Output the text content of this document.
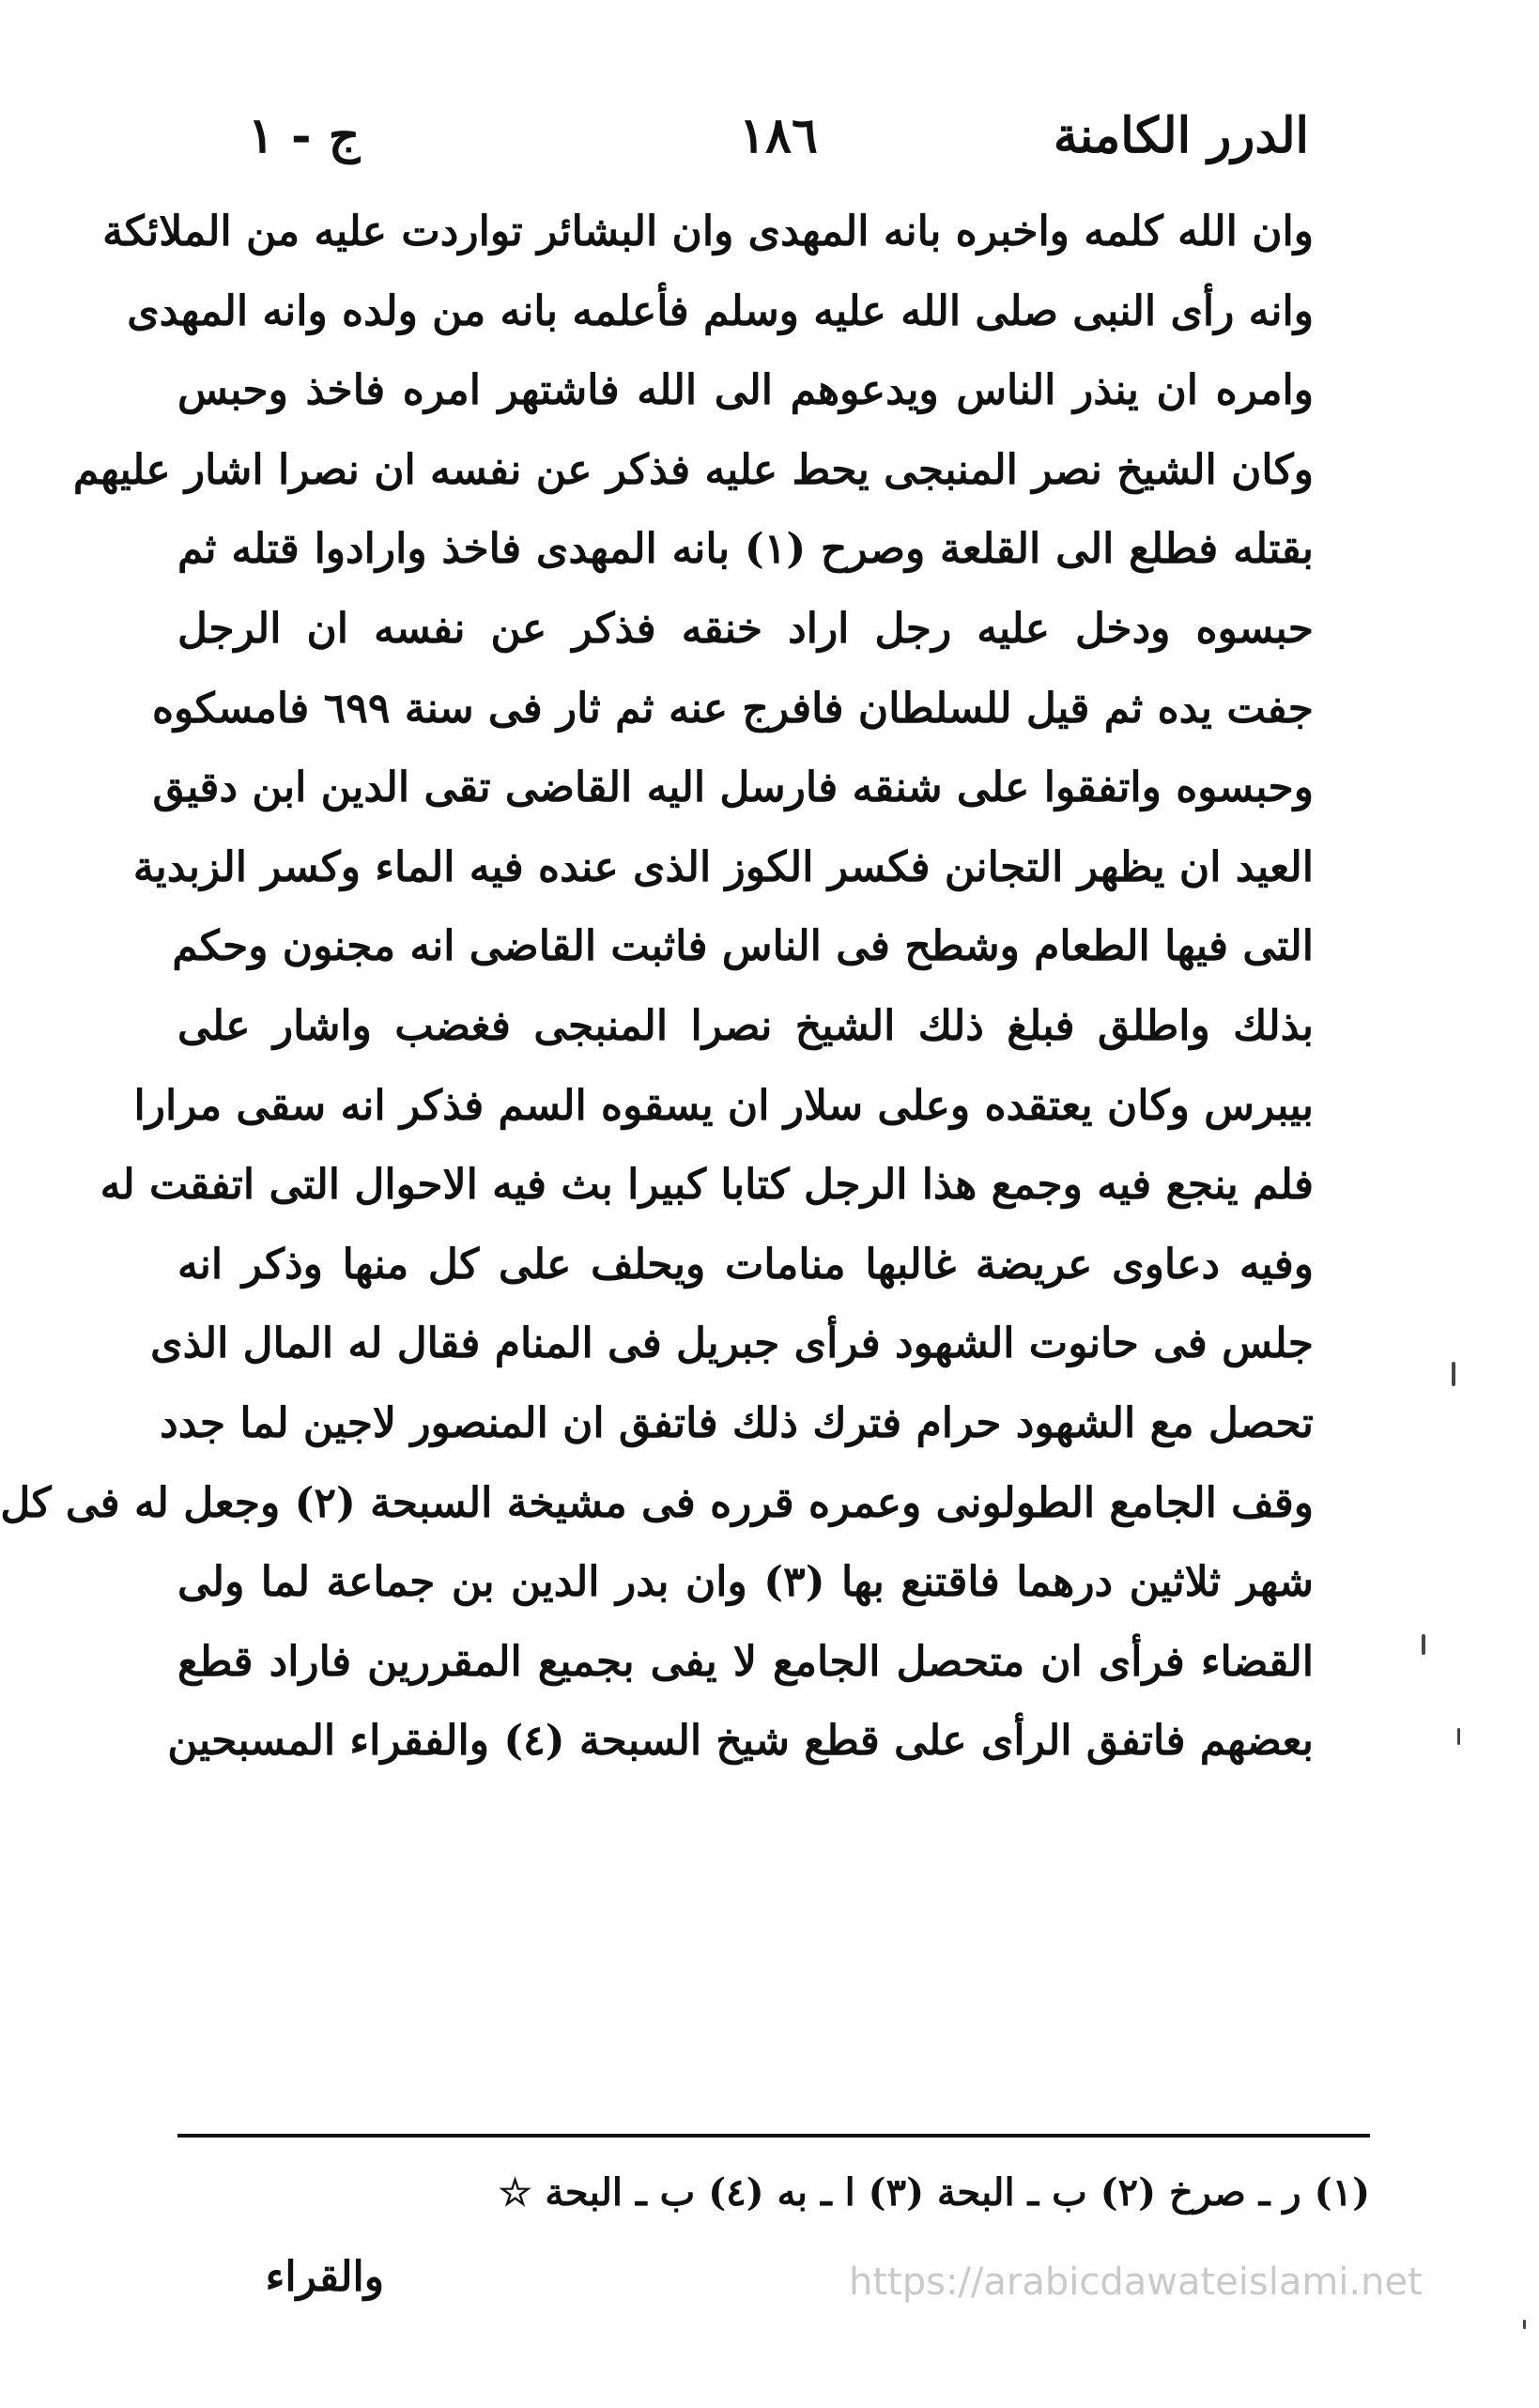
الدرر الكامنة
١٨٦
ج - ١
وان الله كلمه واخبره بانه المهدى وان البشائر تواردت عليه من الملائكة
وانه رأى النبى صلى الله عليه وسلم فأعلمه بانه من ولده وانه المهدى
وامره ان ينذر الناس ويدعوهم الى الله فاشتهر امره فاخذ وحبس
وكان الشيخ نصر المنبجى يحط عليه فذكر عن نفسه ان نصرا اشار عليهم
بقتله فطلع الى القلعة وصرح (١) بانه المهدى فاخذ وارادوا قتله ثم
حبسوه ودخل عليه رجل اراد خنقه فذكر عن نفسه ان الرجل
جفت يده ثم قيل للسلطان فافرج عنه ثم ثار فى سنة ٦٩٩ فامسكوه
وحبسوه واتفقوا على شنقه فارسل اليه القاضى تقى الدين ابن دقيق
العيد ان يظهر التجانن فكسر الكوز الذى عنده فيه الماء وكسر الزبدية
التى فيها الطعام وشطح فى الناس فاثبت القاضى انه مجنون وحكم
بذلك واطلق فبلغ ذلك الشيخ نصرا المنبجى فغضب واشار على
بيبرس وكان يعتقده وعلى سلار ان يسقوه السم فذكر انه سقى مرارا
فلم ينجع فيه وجمع هذا الرجل كتابا كبيرا بث فيه الاحوال التى اتفقت له
وفيه دعاوى عريضة غالبها منامات ويحلف على كل منها وذكر انه
جلس فى حانوت الشهود فرأى جبريل فى المنام فقال له المال الذى
تحصل مع الشهود حرام فترك ذلك فاتفق ان المنصور لاجين لما جدد
وقف الجامع الطولونى وعمره قرره فى مشيخة السبحة (٢) وجعل له فى كل
شهر ثلاثين درهما فاقتنع بها (٣) وان بدر الدين بن جماعة لما ولى
القضاء فرأى ان متحصل الجامع لا يفى بجميع المقررين فاراد قطع
بعضهم فاتفق الرأى على قطع شيخ السبحة (٤) والفقراء المسبحين
(١) ر ـ صرخ (٢) ب ـ البحة (٣) ا ـ به (٤) ب ـ البحة ☆
والقراء	https://arabicdawateislami.net
